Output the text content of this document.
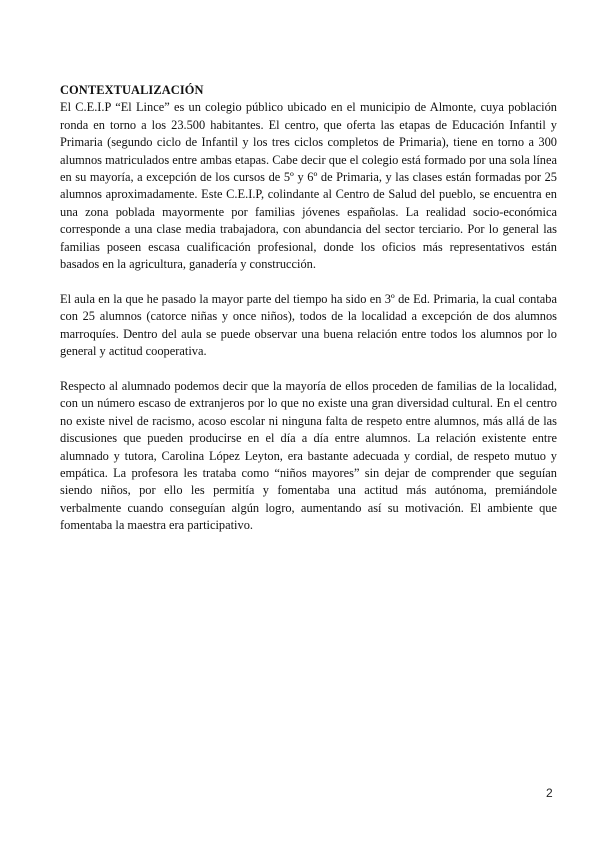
CONTEXTUALIZACIÓN

El C.E.I.P “El Lince” es un colegio público ubicado en el municipio de Almonte, cuya población ronda en torno a los 23.500 habitantes. El centro, que oferta las etapas de Educación Infantil y Primaria (segundo ciclo de Infantil y los tres ciclos completos de Primaria), tiene en torno a 300 alumnos matriculados entre ambas etapas. Cabe decir que el colegio está formado por una sola línea en su mayoría, a excepción de los cursos de 5º y 6º de Primaria, y las clases están formadas por 25 alumnos aproximadamente. Este C.E.I.P, colindante al Centro de Salud del pueblo, se encuentra en una zona poblada mayormente por familias jóvenes españolas. La realidad socio-económica corresponde a una clase media trabajadora, con abundancia del sector terciario. Por lo general las familias poseen escasa cualificación profesional, donde los oficios más representativos están basados en la agricultura, ganadería y construcción.

El aula en la que he pasado la mayor parte del tiempo ha sido en 3º de Ed. Primaria, la cual contaba con 25 alumnos (catorce niñas y once niños), todos de la localidad a excepción de dos alumnos marroquíes. Dentro del aula se puede observar una buena relación entre todos los alumnos por lo general y actitud cooperativa.

Respecto al alumnado podemos decir que la mayoría de ellos proceden de familias de la localidad, con un número escaso de extranjeros por lo que no existe una gran diversidad cultural. En el centro no existe nivel de racismo, acoso escolar ni ninguna falta de respeto entre alumnos, más allá de las discusiones que pueden producirse en el día a día entre alumnos. La relación existente entre alumnado y tutora, Carolina López Leyton, era bastante adecuada y cordial, de respeto mutuo y empática. La profesora les trataba como “niños mayores” sin dejar de comprender que seguían siendo niños, por ello les permitía y fomentaba una actitud más autónoma, premiándole verbalmente cuando conseguían algún logro, aumentando así su motivación. El ambiente que fomentaba la maestra era participativo.

2
